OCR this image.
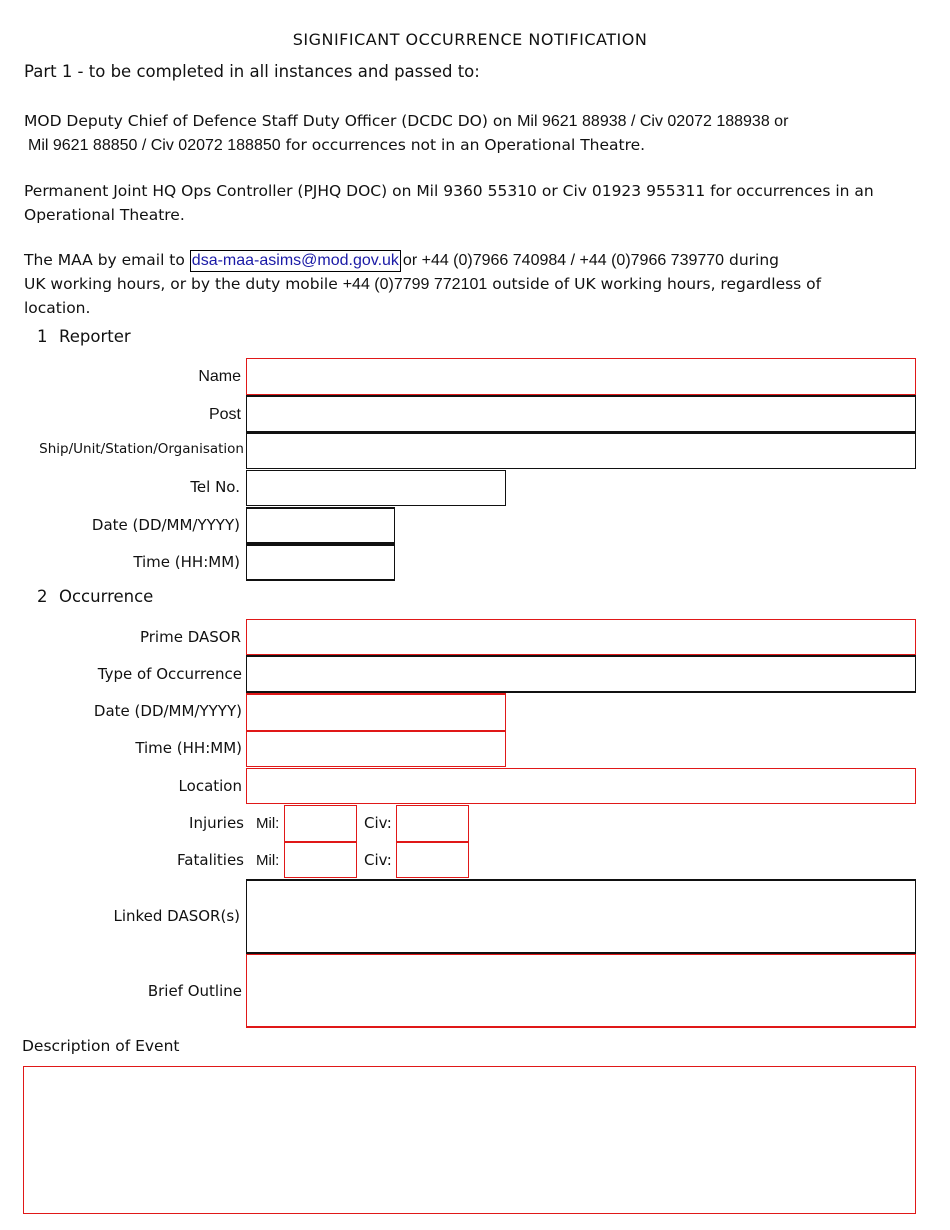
SIGNIFICANT OCCURRENCE NOTIFICATION
Part 1 - to be completed in all instances and passed to:
MOD Deputy Chief of Defence Staff Duty Officer (DCDC DO) on Mil 9621 88938 / Civ 02072 188938 or
Mil 9621 88850 / Civ 02072 188850 for occurrences not in an Operational Theatre.
Permanent Joint HQ Ops Controller (PJHQ DOC) on Mil 9360 55310 or Civ 01923 955311 for occurrences in an
Operational Theatre.
The MAA by email to dsa-maa-asims@mod.gov.uk or +44 (0)7966 740984 / +44 (0)7966 739770 during
UK working hours, or by the duty mobile +44 (0)7799 772101 outside of UK working hours, regardless of
location.
1 Reporter
Name
Post
Ship/Unit/Station/Organisation
Tel No.
Date (DD/MM/YYYY)
Time (HH:MM)
2 Occurrence
Prime DASOR
Type of Occurrence
Date (DD/MM/YYYY)
Time (HH:MM)
Location
Injuries Mil:	Civ:
Fatalities Mil:	Civ:
Linked DASOR(s)
Brief Outline
Description of Event
